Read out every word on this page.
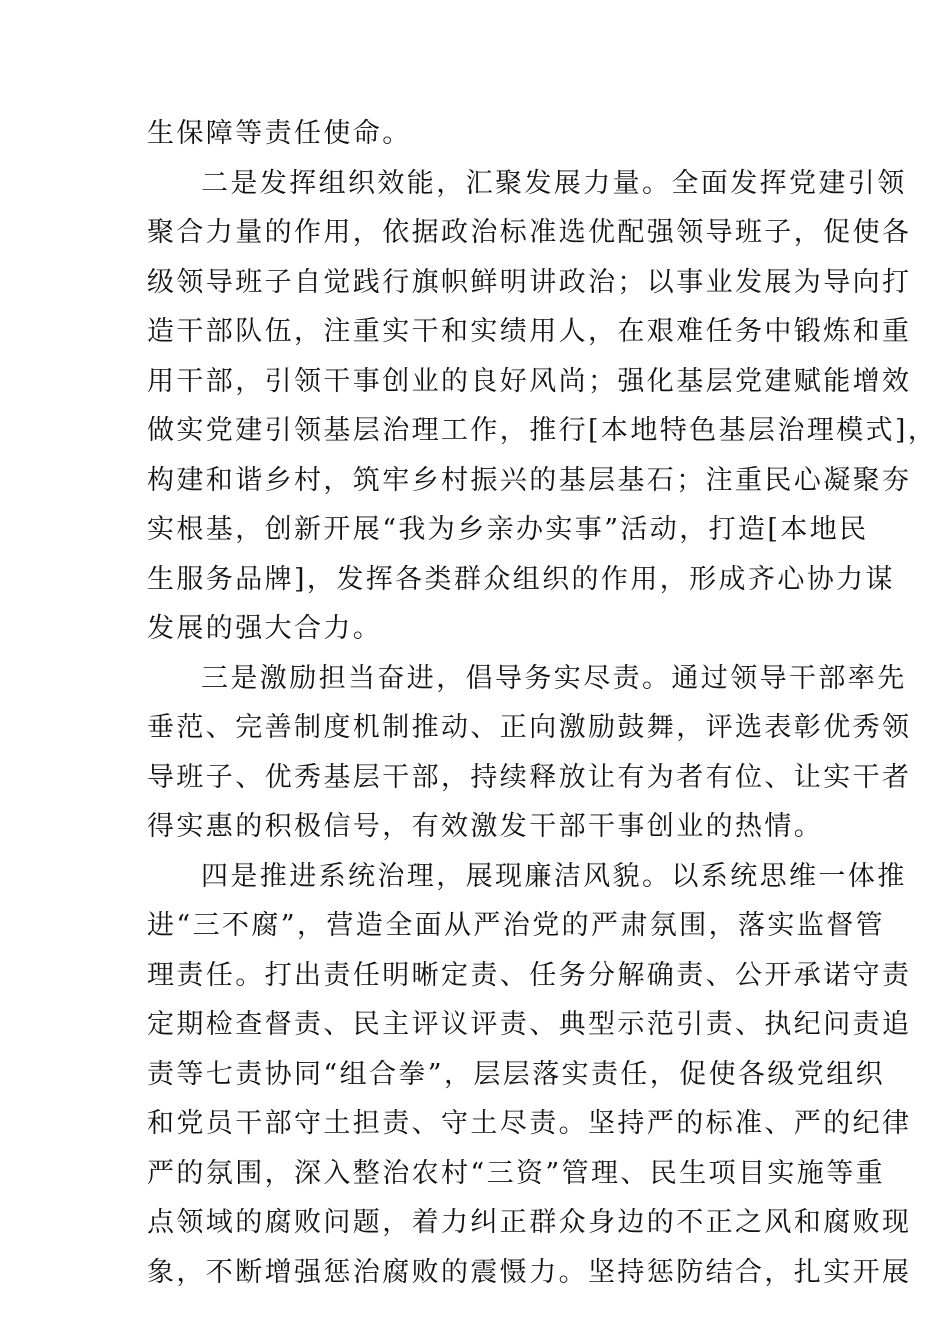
生保障等责任使命。
二是发挥组织效能，汇聚发展力量。全面发挥党建引领
聚合力量的作用，依据政治标准选优配强领导班子，促使各
级领导班子自觉践行旗帜鲜明讲政治；以事业发展为导向打
造干部队伍，注重实干和实绩用人，在艰难任务中锻炼和重
用干部，引领干事创业的良好风尚；强化基层党建赋能增效
做实党建引领基层治理工作，推行[本地特色基层治理模式]，
构建和谐乡村，筑牢乡村振兴的基层基石；注重民心凝聚夯
实根基，创新开展“我为乡亲办实事”活动，打造[本地民
生服务品牌]，发挥各类群众组织的作用，形成齐心协力谋
发展的强大合力。
三是激励担当奋进，倡导务实尽责。通过领导干部率先
垂范、完善制度机制推动、正向激励鼓舞，评选表彰优秀领
导班子、优秀基层干部，持续释放让有为者有位、让实干者
得实惠的积极信号，有效激发干部干事创业的热情。
四是推进系统治理，展现廉洁风貌。以系统思维一体推
进“三不腐”，营造全面从严治党的严肃氛围，落实监督管
理责任。打出责任明晰定责、任务分解确责、公开承诺守责
定期检查督责、民主评议评责、典型示范引责、执纪问责追
责等七责协同“组合拳”，层层落实责任，促使各级党组织
和党员干部守土担责、守土尽责。坚持严的标准、严的纪律
严的氛围，深入整治农村“三资”管理、民生项目实施等重
点领域的腐败问题，着力纠正群众身边的不正之风和腐败现
象，不断增强惩治腐败的震慑力。坚持惩防结合，扎实开展
